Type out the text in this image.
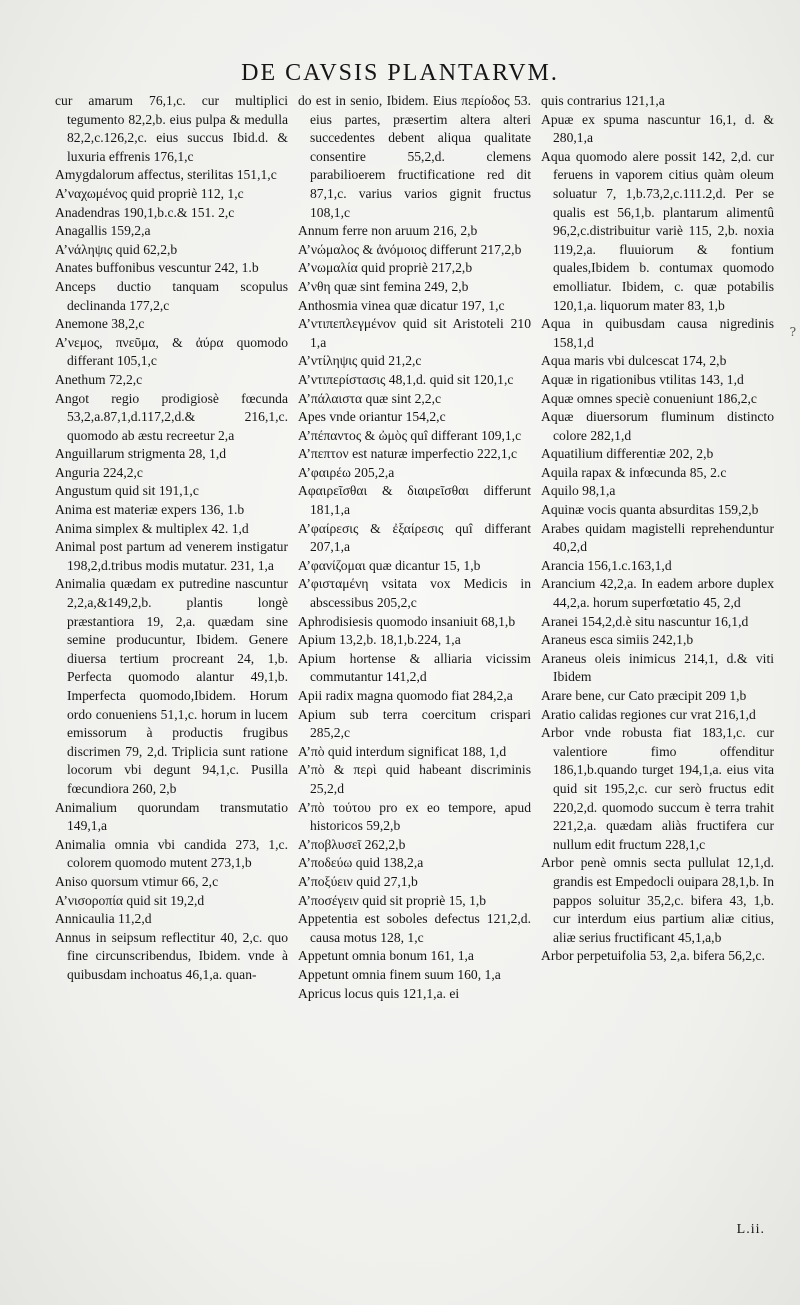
DE CAVSIS PLANTARVM.

cur amarum 76,1,c. cur multiplici tegumento 82,2,b. eius pulpa & medulla 82,2,c.126,2,c. eius succus Ibid.d. & luxuria effrenis 176,1,c

Amygdalorum affectus, sterilitas 151,1,c

Α’ναχωμένος quid propriè 112, 1,c

Anadendras 190,1,b.c.& 151. 2,c

Anagallis 159,2,a

Α’νάληψις quid 62,2,b

Anates buffonibus vescuntur 242, 1.b

Anceps ductio tanquam scopulus declinanda 177,2,c

Anemone 38,2,c

Α’νεμος, πνεῦμα, & ἀύρα quomodo differant 105,1,c

Anethum 72,2,c

Angot regio prodigiosè fœcunda 53,2,a.87,1,d.117,2,d.& 216,1,c. quomodo ab æstu recreetur 2,a

Anguillarum strigmenta 28, 1,d

Anguria 224,2,c

Angustum quid sit 191,1,c

Anima est materiæ expers 136, 1.b

Anima simplex & multiplex 42. 1,d

Animal post partum ad venerem instigatur 198,2,d.tribus modis mutatur. 231, 1,a

Animalia quædam ex putredine nascuntur 2,2,a,&149,2,b. plantis longè præstantiora 19, 2,a. quædam sine semine producuntur, Ibidem. Genere diuersa tertium procreant 24, 1,b. Perfecta quomodo alantur 49,1,b. Imperfecta quomodo,Ibidem. Horum ordo conueniens 51,1,c. horum in lucem emissorum à productis frugibus discrimen 79, 2,d. Triplicia sunt ratione locorum vbi degunt 94,1,c. Pusilla fœcundiora 260, 2,b

Animalium quorundam transmutatio 149,1,a

Animalia omnia vbi candida 273, 1,c. colorem quomodo mutent 273,1,b

Aniso quorsum vtimur 66, 2,c

Α’νισοροπία quid sit 19,2,d

Annicaulia 11,2,d

Annus in seipsum reflectitur 40, 2,c. quo fine circunscribendus, Ibidem. vnde à quibusdam inchoatus 46,1,a. quan-

do est in senio, Ibidem. Eius περίοδος 53. eius partes, præsertim altera alteri succedentes debent aliqua qualitate consentire 55,2,d. clemens parabilioerem fructificatione red dit 87,1,c. varius varios gignit fructus 108,1,c

Annum ferre non aruum 216, 2,b

Α’νώμαλος & ἀνόμοιος differunt 217,2,b

Α’νωμαλία quid propriè 217,2,b

Α’νθη quæ sint femina 249, 2,b

Anthosmia vinea quæ dicatur 197, 1,c

Α’ντιπεπλεγμένον quid sit Aristoteli 210 1,a

Α’ντίληψις quid 21,2,c

Α’ντιπερίστασις 48,1,d. quid sit 120,1,c

Α’πάλαιστα quæ sint 2,2,c

Apes vnde oriantur 154,2,c

Α’πέπαντος & ὠμὸς quî differant 109,1,c

Α’πεπτον est naturæ imperfectio 222,1,c

Α’φαιρέω 205,2,a

Αφαιρεῖσθαι & διαιρεῖσθαι differunt 181,1,a

Α’φαίρεσις & ἐξαίρεσις quî differant 207,1,a

Α’φανίζομαι quæ dicantur 15, 1,b

Α’φισταμένη vsitata vox Medicis in abscessibus 205,2,c

Aphrodisiesis quomodo insaniuit 68,1,b

Apium 13,2,b. 18,1,b.224, 1,a

Apium hortense & alliaria vicissim commutantur 141,2,d

Apii radix magna quomodo fiat 284,2,a

Apium sub terra coercitum crispari 285,2,c

Α’πὸ quid interdum significat 188, 1,d

Α’πὸ & περὶ quid habeant discriminis 25,2,d

Α’πὸ τούτου pro ex eo tempore, apud historicos 59,2,b

Α’ποβλυσεῖ 262,2,b

Α’ποδεύω quid 138,2,a

Α’ποξύειν quid 27,1,b

Α’ποσέγειν quid sit propriè 15, 1,b

Appetentia est soboles defectus 121,2,d. causa motus 128, 1,c

Appetunt omnia bonum 161, 1,a

Appetunt omnia finem suum 160, 1,a

Apricus locus quis 121,1,a. ei

quis contrarius 121,1,a

Apuæ ex spuma nascuntur 16,1, d. & 280,1,a

Aqua quomodo alere possit 142, 2,d. cur feruens in vaporem citius quàm oleum soluatur 7, 1,b.73,2,c.111.2,d. Per se qualis est 56,1,b. plantarum alimentû 96,2,c.distribuitur variè 115, 2,b. noxia 119,2,a. fluuiorum & fontium quales,Ibidem b. contumax quomodo emolliatur. Ibidem, c. quæ potabilis 120,1,a. liquorum mater 83, 1,b

Aqua in quibusdam causa nigredinis 158,1,d

Aqua maris vbi dulcescat 174, 2,b

Aquæ in rigationibus vtilitas 143, 1,d

Aquæ omnes speciè conueniunt 186,2,c

Aquæ diuersorum fluminum distincto colore 282,1,d

Aquatilium differentiæ 202, 2,b

Aquila rapax & infœcunda 85, 2.c

Aquilo 98,1,a

Aquinæ vocis quanta absurditas 159,2,b

Arabes quidam magistelli reprehenduntur 40,2,d

Arancia 156,1.c.163,1,d

Arancium 42,2,a. In eadem arbore duplex 44,2,a. horum superfœtatio 45, 2,d

Aranei 154,2,d.è situ nascuntur 16,1,d

Araneus esca simiis 242,1,b

Araneus oleis inimicus 214,1, d.& viti Ibidem

Arare bene, cur Cato præcipit 209 1,b

Aratio calidas regiones cur vrat 216,1,d

Arbor vnde robusta fiat 183,1,c. cur valentiore fimo offenditur 186,1,b.quando turget 194,1,a. eius vita quid sit 195,2,c. cur serò fructus edit 220,2,d. quomodo succum è terra trahit 221,2,a. quædam aliàs fructifera cur nullum edit fructum 228,1,c

Arbor penè omnis secta pullulat 12,1,d. grandis est Empedocli ouipara 28,1,b. In pappos soluitur 35,2,c. bifera 43, 1,b. cur interdum eius partium aliæ citius, aliæ serius fructificant 45,1,a,b

Arbor perpetuifolia 53, 2,a. bifera 56,2,c.

?
L.ii.
